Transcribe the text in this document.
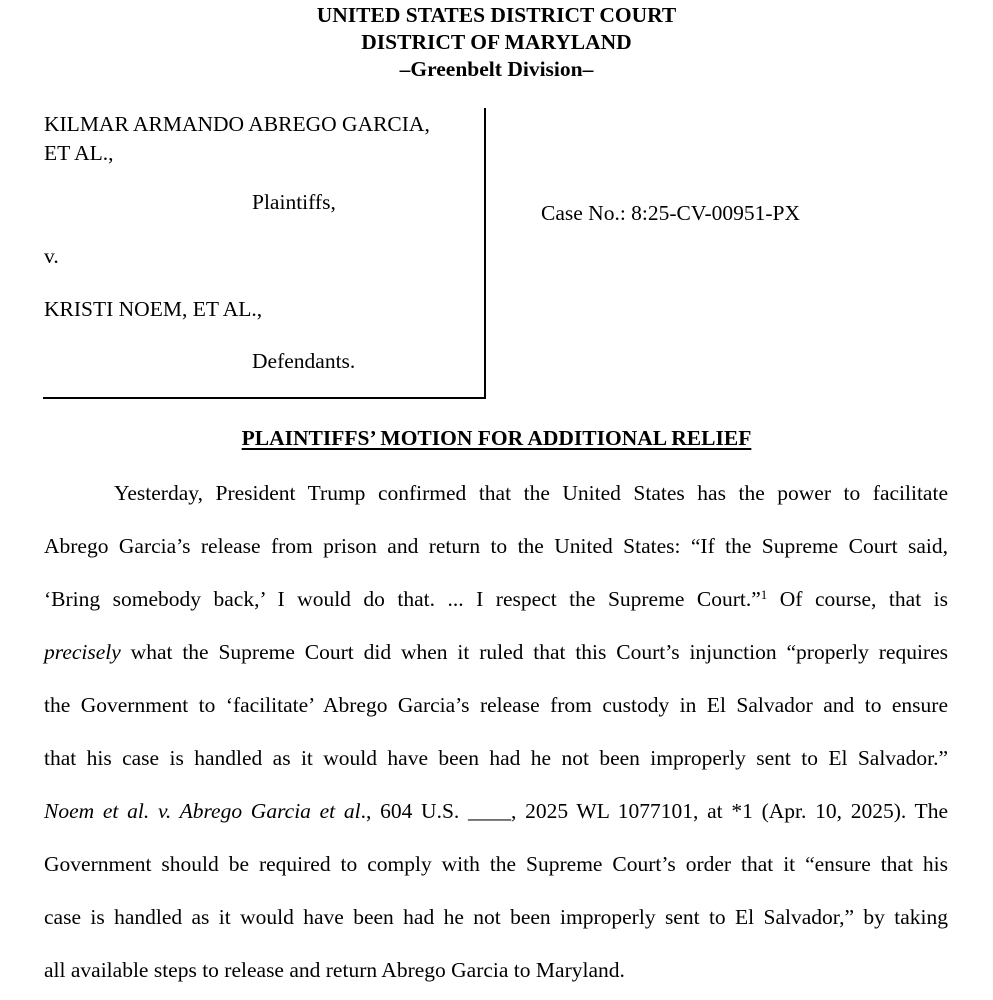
UNITED STATES DISTRICT COURT
DISTRICT OF MARYLAND
–Greenbelt Division–
KILMAR ARMANDO ABREGO GARCIA,
ET AL.,
Plaintiffs,
v.
KRISTI NOEM, ET AL.,
Defendants.
Case No.: 8:25-CV-00951-PX
PLAINTIFFS’ MOTION FOR ADDITIONAL RELIEF
Yesterday, President Trump confirmed that the United States has the power to facilitate
Abrego Garcia’s release from prison and return to the United States: “If the Supreme Court said,
‘Bring somebody back,’ I would do that. ... I respect the Supreme Court.”$^1$ Of course, that is
precisely what the Supreme Court did when it ruled that this Court’s injunction “properly requires
the Government to ‘facilitate’ Abrego Garcia’s release from custody in El Salvador and to ensure
that his case is handled as it would have been had he not been improperly sent to El Salvador.”
Noem et al. v. Abrego Garcia et al., 604 U.S. ____, 2025 WL 1077101, at *1 (Apr. 10, 2025). The
Government should be required to comply with the Supreme Court’s order that it “ensure that his
case is handled as it would have been had he not been improperly sent to El Salvador,” by taking
all available steps to release and return Abrego Garcia to Maryland.
